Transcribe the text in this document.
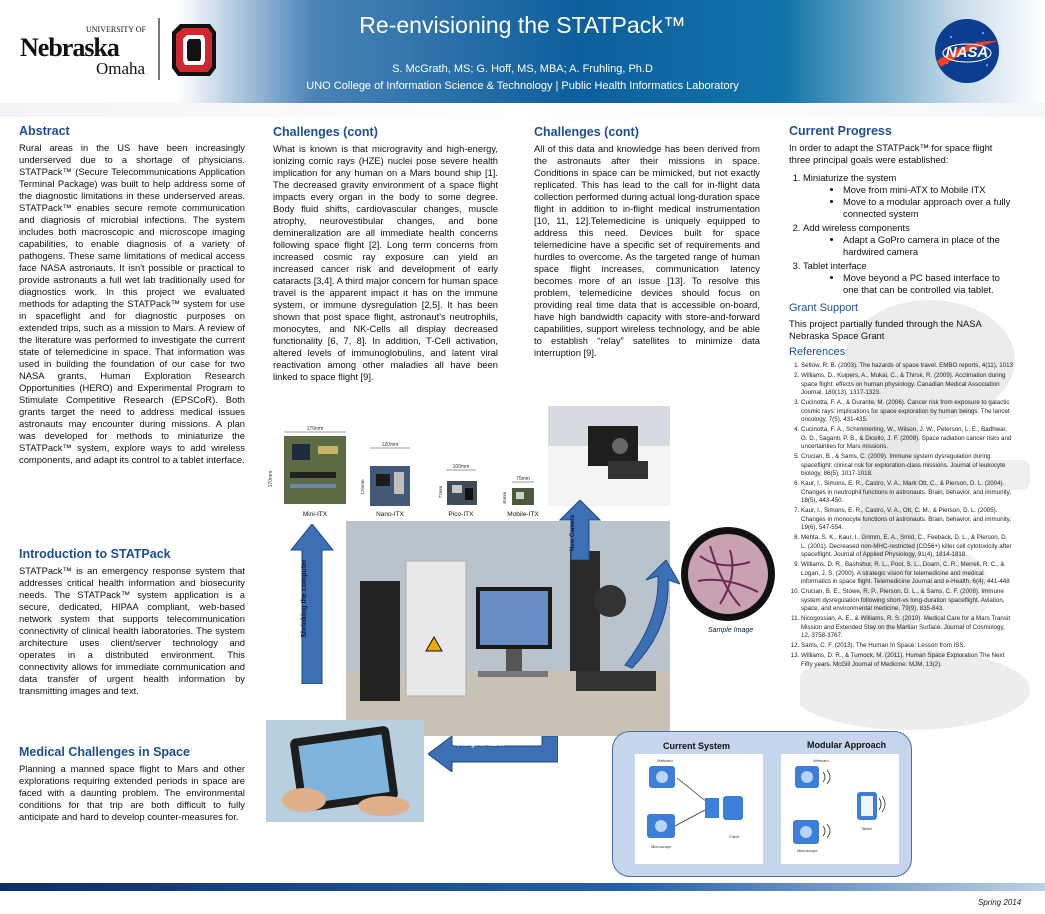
UNIVERSITY OF
Nebraska
Omaha
Re-envisioning the STATPack™
S. McGrath, MS; G. Hoff, MS, MBA; A. Fruhling, Ph.D
UNO College of Information Science & Technology | Public Health Informatics Laboratory
NASA
Abstract

Rural areas in the US have been increasingly underserved due to a shortage of physicians. STATPack™ (Secure Telecommunications Application Terminal Package) was built to help address some of the diagnostic limitations in these underserved areas. STATPack™ enables secure remote communication and diagnosis of microbial infections. The system includes both macroscopic and microscope imaging capabilities, to enable diagnosis of a variety of pathogens. These same limitations of medical access face NASA astronauts. It isn't possible or practical to provide astronauts a full wet lab traditionally used for diagnostics work. In this project we evaluated methods for adapting the STATPack™ system for use in spaceflight and for diagnostic purposes on extended trips, such as a mission to Mars. A review of the literature was performed to investigate the current state of telemedicine in space. That information was used in building the foundation of our case for two NASA grants, Human Exploration Research Opportunities (HERO) and Experimental Program to Stimulate Competitive Research (EPSCoR). Both grants target the need to address medical issues astronauts may encounter during missions. A plan was developed for methods to miniaturize the STATPack™ system, explore ways to add wireless components, and adapt its control to a tablet interface.

Introduction to STATPack

STATPack™ is an emergency response system that addresses critical health information and biosecurity needs. The STATPack™ system application is a secure, dedicated, HIPAA compliant, web-based network system that supports telecommunication connectivity of clinical health laboratories. The system architecture uses client/server technology and operates in a distributed environment. This connectivity allows for immediate communication and data transfer of urgent health information by transmitting images and text.

Medical Challenges in Space

Planning a manned space flight to Mars and other explorations requiring extended periods in space are faced with a daunting problem. The environmental conditions for that trip are both difficult to fully anticipate and hard to develop counter-measures for.

Challenges (cont)

What is known is that microgravity and high-energy, ionizing comic rays (HZE) nuclei pose severe health implication for any human on a Mars bound ship [1]. The decreased gravity environment of a space flight impacts every organ in the body to some degree. Body fluid shifts, cardiovascular changes, muscle atrophy, neurovestibular changes, and bone demineralization are all immediate health concerns following space flight [2]. Long term concerns from increased cosmic ray exposure can yield an increased cancer risk and development of early cataracts [3,4]. A third major concern for human space travel is the apparent impact it has on the immune system, or immune dysregulation [2,5]. It has been shown that post space flight, astronaut's neutrophils, monocytes, and NK-Cells all display decreased functionality [6, 7, 8]. In addition, T-Cell activation, altered levels of immunoglobulins, and latent viral reactivation among other maladies all have been linked to space flight [9].

Challenges (cont)

All of this data and knowledge has been derived from the astronauts after their missions in space. Conditions in space can be mimicked, but not exactly replicated. This has lead to the call for in-flight data collection performed during actual long-duration space flight in addition to in-flight medical instrumentation [10, 11, 12].Telemedicine is uniquely equipped to address this need. Devices built for space telemedicine have a specific set of requirements and hurdles to overcome. As the targeted range of human space flight increases, communication latency becomes more of an issue [13]. To resolve this problem, telemedicine devices should focus on providing real time data that is accessible on-board, have high bandwidth capacity with store-and-forward capabilities, support wireless technology, and be able to establish “relay” satellites to minimize data interruption [9].

Current Progress

In order to adapt the STATPack™ for space flight three principal goals were established:

1. Miniaturize the system
• Move from mini-ATX to Mobile ITX
• Move to a modular approach over a fully connected system
2. Add wireless components
• Adapt a GoPro camera in place of the hardwired camera
3. Tablet interface
• Move beyond a PC based interface to one that can be controlled via tablet.
Grant Support

This project partially funded through the NASA Nebraska Space Grant

References
1. Setlow, R. B. (2003). The hazards of space travel. EMBO reports, 4(11), 1013
2. Williams, D., Kuipers, A., Mukai, C., & Thirsk, R. (2009). Acclimation during space flight: effects on human physiology. Canadian Medical Association Journal, 180(13), 1317-1323.
3. Cucinotta, F. A., & Durante, M. (2006). Cancer risk from exposure to galactic cosmic rays: implications for space exploration by human beings. The lancet oncology, 7(5), 431-435.
4. Cucinotta, F. A., Schimmerling, W., Wilson, J. W., Peterson, L. E., Badhwar, G. D., Saganti, P. B., & Dicello, J. F. (2009). Space radiation cancer risks and uncertainties for Mars missions.
5. Crucian, B., & Sams, C. (2009). Immune system dysregulation during spaceflight: clinical risk for exploration-class missions. Journal of leukocyte biology, 86(5), 1017-1018.
6. Kaur, I., Simons, E. R., Castro, V. A., Mark Ott, C., & Pierson, D. L. (2004). Changes in neutrophil functions in astronauts. Brain, behavior, and immunity, 18(5), 443-450.
7. Kaur, I., Simons, E. R., Castro, V. A., Ott, C. M., & Pierson, D. L. (2005). Changes in monocyte functions of astronauts. Brain, behavior, and immunity, 19(6), 547-554.
8. Mehta, S. K., Kaur, I., Grimm, E. A., Smid, C., Feeback, D. L., & Pierson, D. L. (2001). Decreased non-MHC-restricted (CD56+) killer cell cytotoxicity after spaceflight. Journal of Applied Physiology, 91(4), 1814-1818.
9. Williams, D. R., Bashshur, R. L., Pool, S. L., Doarn, C. R., Merrell, R. C., & Logan, J. S. (2000). A strategic vision for telemedicine and medical informatics in space flight. Telemedicine Journal and e-Health, 6(4), 441-448
10. Crucian, B. E., Stowe, R. P., Pierson, D. L., & Sams, C. F. (2008). Immune system dysregulation following short-vs long-duration spaceflight. Aviation, space, and environmental medicine, 79(9), 835-843.
11. Nicogossian, A. E., & Williams, R. S. (2010). Medical Care for a Mars Transit Mission and Extended Stay on the Martian Surface. Journal of Cosmology, 12, 3758-3767.
12. Sams, C. F. (2013). The Human In Space: Lesson from ISS.
13. Williams, D. R., & Turnock, M. (2011). Human Space Exploration The Next Fifty years. McGill Journal of Medicine: MJM, 13(2).
170mm
170mm
Mini-ITX
120mm
120mm
Nano-ITX
100mm
72mm
Pico-ITX
75mm
45mm
Mobile-ITX
Shrinking the computer
New Camera
Sample Image
Change to Tablet	Current System	Modular Approach
Webcam
Client
Microscope
Webcam
Tablet
Microscope
Spring 2014
